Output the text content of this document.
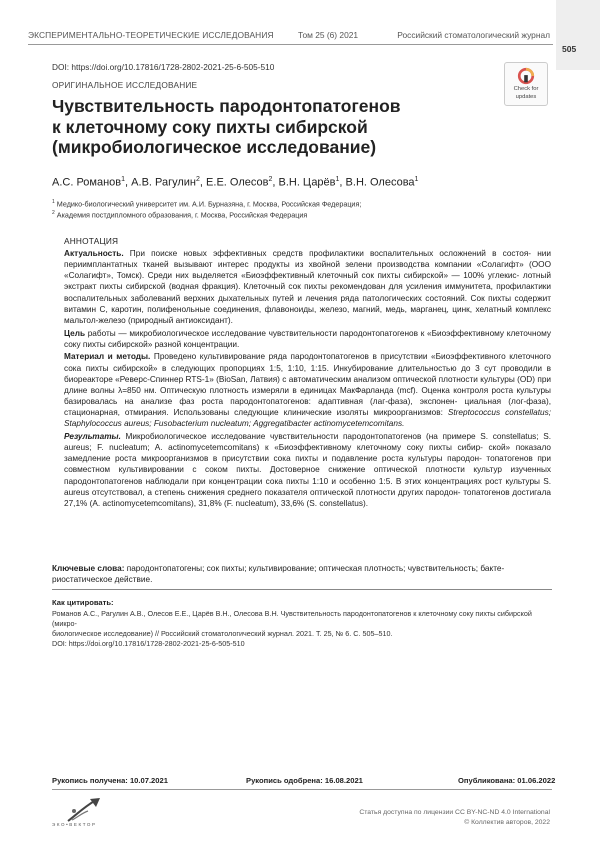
ЭКСПЕРИМЕНТАЛЬНО-ТЕОРЕТИЧЕСКИЕ ИССЛЕДОВАНИЯ	Том 25 (6) 2021	Российский стоматологический журнал
505
DOI: https://doi.org/10.17816/1728-2802-2021-25-6-505-510
ОРИГИНАЛЬНОЕ ИССЛЕДОВАНИЕ	Check for
updates
Чувствительность пародонтопатогенов
к клеточному соку пихты сибирской
(микробиологическое исследование)
А.С. Романов$^1$, А.В. Рагулин$^2$, Е.Е. Олесов$^2$, В.Н. Царёв$^1$, В.Н. Олесова$^1$
$^1$ Медико-биологический университет им. А.И. Бурназяна, г. Москва, Российская Федерация;
$^2$ Академия постдипломного образования, г. Москва, Российская Федерация
АННОТАЦИЯ

Актуальность. При поиске новых эффективных средств профилактики воспалительных осложнений в состоя- нии периимплантатных тканей вызывают интерес продукты из хвойной зелени производства компании «Солагифт» (ООО «Солагифт», Томск). Среди них выделяется «Биоэффективный клеточный сок пихты сибирской» — 100% углекис- лотный экстракт пихты сибирской (водная фракция). Клеточный сок пихты рекомендован для усиления иммунитета, профилактики воспалительных заболеваний верхних дыхательных путей и лечения ряда патологических состояний. Сок пихты содержит витамин С, каротин, полифенольные соединения, флавоноиды, железо, магний, медь, марганец, цинк, хелатный комплекс мальтол-железо (природный антиоксидант).

Цель работы — микробиологическое исследование чувствительности пародонтопатогенов к «Биоэффективному клеточному соку пихты сибирской» разной концентрации.

Материал и методы. Проведено культивирование ряда пародонтопатогенов в присутствии «Биоэффективного клеточного сока пихты сибирской» в следующих пропорциях 1:5, 1:10, 1:15. Инкубирование длительностью до 3 сут проводили в биореакторе «Реверс-Спиннер RTS-1» (BioSan, Латвия) с автоматическим анализом оптической плотности культуры (OD) при длине волны λ=850 нм. Оптическую плотность измеряли в единицах МакФарланда (mcf). Оценка контроля роста культуры базировалась на анализе фаз роста пародонтопатогенов: адаптивная (лаг-фаза), экспонен- циальная (лог-фаза), стационарная, отмирания. Использованы следующие клинические изоляты микроорганизмов: Streptococcus constellatus; Staphylococcus aureus; Fusobacterium nucleatum; Aggregatibacter actinomycetemcomitans.

Результаты. Микробиологическое исследование чувствительности пародонтопатогенов (на примере S. constellatus; S. aureus; F. nucleatum; A. actinomycetemcomitans) к «Биоэффективному клеточному соку пихты сибир- ской» показало замедление роста микроорганизмов в присутствии сока пихты и подавление роста культуры пародон- топатогенов при совместном культивировании с соком пихты. Достоверное снижение оптической плотности культур изученных пародонтопатогенов наблюдали при концентрации сока пихты 1:10 и особенно 1:5. В этих концентрациях рост культуры S. aureus отсутствовал, а степень снижения среднего показателя оптической плотности других пародон- топатогенов достигала 27,1% (A. actinomycetemcomitans), 31,8% (F. nucleatum), 33,6% (S. constellatus).

Ключевые слова: пародонтопатогены; сок пихты; культивирование; оптическая плотность; чувствительность; бакте- риостатическое действие.
Как цитировать:
Романов А.С., Рагулин А.В., Олесов Е.Е., Царёв В.Н., Олесова В.Н. Чувствительность пародонтопатогенов к клеточному соку пихты сибирской (микро-
биологическое исследование) // Российский стоматологический журнал. 2021. Т. 25, № 6. С. 505–510.
DOI: https://doi.org/10.17816/1728-2802-2021-25-6-505-510
Рукопись получена: 10.07.2021	Рукопись одобрена: 16.08.2021	Опубликована: 01.06.2022
ЭКО•ВЕКТОР
Статья доступна по лицензии CC BY-NC-ND 4.0 International
© Коллектив авторов, 2022
